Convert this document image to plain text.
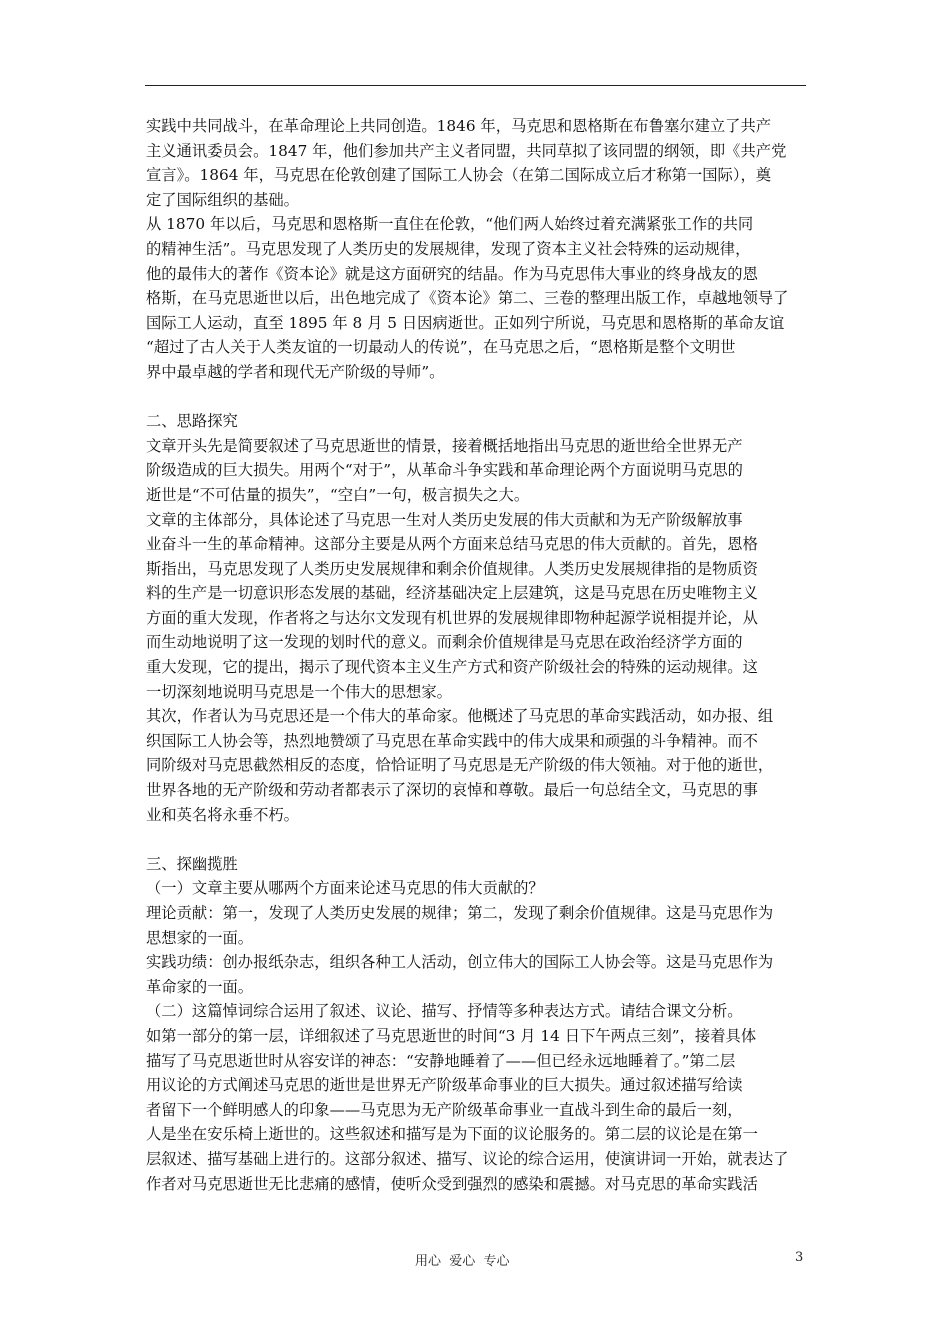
实践中共同战斗，在革命理论上共同创造。1846 年，马克思和恩格斯在布鲁塞尔建立了共产
主义通讯委员会。1847 年，他们参加共产主义者同盟，共同草拟了该同盟的纲领，即《共产党
宣言》。1864 年，马克思在伦敦创建了国际工人协会（在第二国际成立后才称第一国际），奠
定了国际组织的基础。
从 1870 年以后，马克思和恩格斯一直住在伦敦，“他们两人始终过着充满紧张工作的共同
的精神生活”。马克思发现了人类历史的发展规律，发现了资本主义社会特殊的运动规律，
他的最伟大的著作《资本论》就是这方面研究的结晶。作为马克思伟大事业的终身战友的恩
格斯，在马克思逝世以后，出色地完成了《资本论》第二、三卷的整理出版工作，卓越地领导了
国际工人运动，直至 1895 年 8 月 5 日因病逝世。正如列宁所说，马克思和恩格斯的革命友谊
“超过了古人关于人类友谊的一切最动人的传说”，在马克思之后，“恩格斯是整个文明世
界中最卓越的学者和现代无产阶级的导师”。
二、思路探究
文章开头先是简要叙述了马克思逝世的情景，接着概括地指出马克思的逝世给全世界无产
阶级造成的巨大损失。用两个“对于”，从革命斗争实践和革命理论两个方面说明马克思的
逝世是“不可估量的损失”，“空白”一句，极言损失之大。
文章的主体部分，具体论述了马克思一生对人类历史发展的伟大贡献和为无产阶级解放事
业奋斗一生的革命精神。这部分主要是从两个方面来总结马克思的伟大贡献的。首先，恩格
斯指出，马克思发现了人类历史发展规律和剩余价值规律。人类历史发展规律指的是物质资
料的生产是一切意识形态发展的基础，经济基础决定上层建筑，这是马克思在历史唯物主义
方面的重大发现，作者将之与达尔文发现有机世界的发展规律即物种起源学说相提并论，从
而生动地说明了这一发现的划时代的意义。而剩余价值规律是马克思在政治经济学方面的
重大发现，它的提出，揭示了现代资本主义生产方式和资产阶级社会的特殊的运动规律。这
一切深刻地说明马克思是一个伟大的思想家。
其次，作者认为马克思还是一个伟大的革命家。他概述了马克思的革命实践活动，如办报、组
织国际工人协会等，热烈地赞颂了马克思在革命实践中的伟大成果和顽强的斗争精神。而不
同阶级对马克思截然相反的态度，恰恰证明了马克思是无产阶级的伟大领袖。对于他的逝世，
世界各地的无产阶级和劳动者都表示了深切的哀悼和尊敬。最后一句总结全文，马克思的事
业和英名将永垂不朽。
三、探幽揽胜
（一）文章主要从哪两个方面来论述马克思的伟大贡献的？
理论贡献：第一，发现了人类历史发展的规律；第二，发现了剩余价值规律。这是马克思作为
思想家的一面。
实践功绩：创办报纸杂志，组织各种工人活动，创立伟大的国际工人协会等。这是马克思作为
革命家的一面。
（二）这篇悼词综合运用了叙述、议论、描写、抒情等多种表达方式。请结合课文分析。
如第一部分的第一层，详细叙述了马克思逝世的时间“3 月 14 日下午两点三刻”，接着具体
描写了马克思逝世时从容安详的神态：“安静地睡着了——但已经永远地睡着了。”第二层
用议论的方式阐述马克思的逝世是世界无产阶级革命事业的巨大损失。通过叙述描写给读
者留下一个鲜明感人的印象——马克思为无产阶级革命事业一直战斗到生命的最后一刻，
人是坐在安乐椅上逝世的。这些叙述和描写是为下面的议论服务的。第二层的议论是在第一
层叙述、描写基础上进行的。这部分叙述、描写、议论的综合运用，使演讲词一开始，就表达了
作者对马克思逝世无比悲痛的感情，使听众受到强烈的感染和震撼。对马克思的革命实践活
用心  爱心  专心	3
